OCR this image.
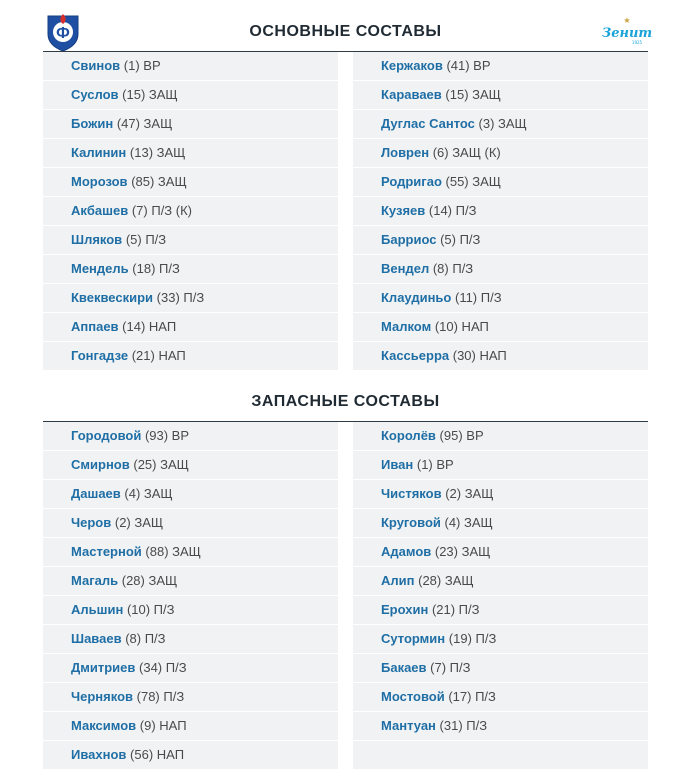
Ф	ОСНОВНЫЕ СОСТАВЫ
★
Зенит
1925
Свинов (1) ВР
Суслов (15) ЗАЩ
Божин (47) ЗАЩ
Калинин (13) ЗАЩ
Морозов (85) ЗАЩ
Акбашев (7) П/З (К)
Шляков (5) П/З
Мендель (18) П/З
Квеквескири (33) П/З
Аппаев (14) НАП
Гонгадзе (21) НАП
Кержаков (41) ВР
Караваев (15) ЗАЩ
Дуглас Сантос (3) ЗАЩ
Ловрен (6) ЗАЩ (К)
Родригао (55) ЗАЩ
Кузяев (14) П/З
Барриос (5) П/З
Вендел (8) П/З
Клаудиньо (11) П/З
Малком (10) НАП
Кассьерра (30) НАП
ЗАПАСНЫЕ СОСТАВЫ
Городовой (93) ВР
Смирнов (25) ЗАЩ
Дашаев (4) ЗАЩ
Черов (2) ЗАЩ
Мастерной (88) ЗАЩ
Магаль (28) ЗАЩ
Альшин (10) П/З
Шаваев (8) П/З
Дмитриев (34) П/З
Черняков (78) П/З
Максимов (9) НАП
Ивахнов (56) НАП
Королёв (95) ВР
Иван (1) ВР
Чистяков (2) ЗАЩ
Круговой (4) ЗАЩ
Адамов (23) ЗАЩ
Алип (28) ЗАЩ
Ерохин (21) П/З
Сутормин (19) П/З
Бакаев (7) П/З
Мостовой (17) П/З
Мантуан (31) П/З
